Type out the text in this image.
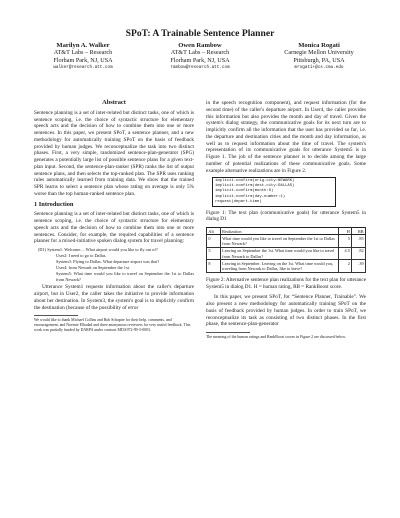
SPoT: A Trainable Sentence Planner
Marilyn A. Walker
AT&T Labs – Research
Florham Park, NJ, USA
walker@research.att.com
Owen Rambow
AT&T Labs – Research
Florham Park, NJ, USA
rambow@research.att.com
Monica Rogati
Carnegie Mellon University
Pittsburgh, PA, USA
mrogati+@cs.cmu.edu
Abstract

Sentence planning is a set of inter-related but distinct tasks, one of which is sentence scoping, i.e. the choice of syntactic structure for elementary speech acts and the decision of how to combine them into one or more sentences. In this paper, we present SPoT, a sentence planner, and a new methodology for automatically training SPoT on the basis of feedback provided by human judges. We reconceptualize the task into two distinct phases. First, a very simple, randomized sentence-plan-generator (SPG) generates a potentially large list of possible sentence plans for a given text-plan input. Second, the sentence-plan-ranker (SPR) ranks the list of output sentence plans, and then selects the top-ranked plan. The SPR uses ranking rules automatically learned from training data. We show that the trained SPR learns to select a sentence plan whose rating on average is only 5% worse than the top human-ranked sentence plan.

1 Introduction

Sentence planning is a set of inter-related but distinct tasks, one of which is sentence scoping, i.e. the choice of syntactic structure for elementary speech acts and the decision of how to combine them into one or more sentences. Consider, for example, the required capabilities of a sentence planner for a mixed-initiative spoken dialog system for travel planning:

(D1) System1: Welcome.... What airport would you like to fly out of?
User2: I need to go to Dallas.
System3: Flying to Dallas. What departure airport was that?
User4: from Newark on September the 1st.
System5: What time would you like to travel on September the 1st to Dallas from Newark?

Utterance System1 requests information about the caller's departure airport, but in User2, the caller takes the initiative to provide information about her destination. In System3, the system's goal is to implicitly confirm the destination (because of the possibility of error

We would like to thank Michael Collins and Rob Schapire for their help, comments, and encouragement, and Noemie Elhadad and three anonymous reviewers for very useful feedback. This work was partially funded by DARPA under contract MDA972-99-3-0003.

in the speech recognition component), and request information (for the second time) of the caller's departure airport. In User4, the caller provides this information but also provides the month and day of travel. Given the system's dialog strategy, the communicative goals for its next turn are to implicitly confirm all the information that the user has provided so far, i.e. the departure and destination cities and the month and day information, as well as to request information about the time of travel. The system's representation of its communicative goals for utterance System5 is in Figure 1. The job of the sentence planner is to decide among the large number of potential realizations of these communicative goals. Some example alternative realizations are in Figure 2.

implicit-confirm(orig-city:NEWARK)
implicit-confirm(dest-city:DALLAS)
implicit-confirm(month:9)
implicit-confirm(day-number:1)
request(depart-time)
Figure 1: The text plan (communicative goals) for utterance System5 in dialog D1
Alt	Realization	H	RB
0	What time would you like to travel on September the 1st to Dallas from Newark?	5	.85
5	Leaving on September the 1st. What time would you like to travel from Newark to Dallas?	4.5	.82
8	Leaving in September. Leaving on the 1st. What time would you, traveling from Newark to Dallas, like to leave?	2	.39
Figure 2: Alternative sentence plan realizations for the text plan for utterance System5 in dialog D1. H = human rating, RB = RankBoost score.

In this paper, we present SPoT, for “Sentence Planner, Trainable”. We also present a new methodology for automatically training SPoT on the basis of feedback provided by human judges. In order to train SPoT, we reconceptualize its task as consisting of two distinct phases. In the first phase, the sentence-plan-generator

The meaning of the human ratings and RankBoost scores in Figure 2 are discussed below.
